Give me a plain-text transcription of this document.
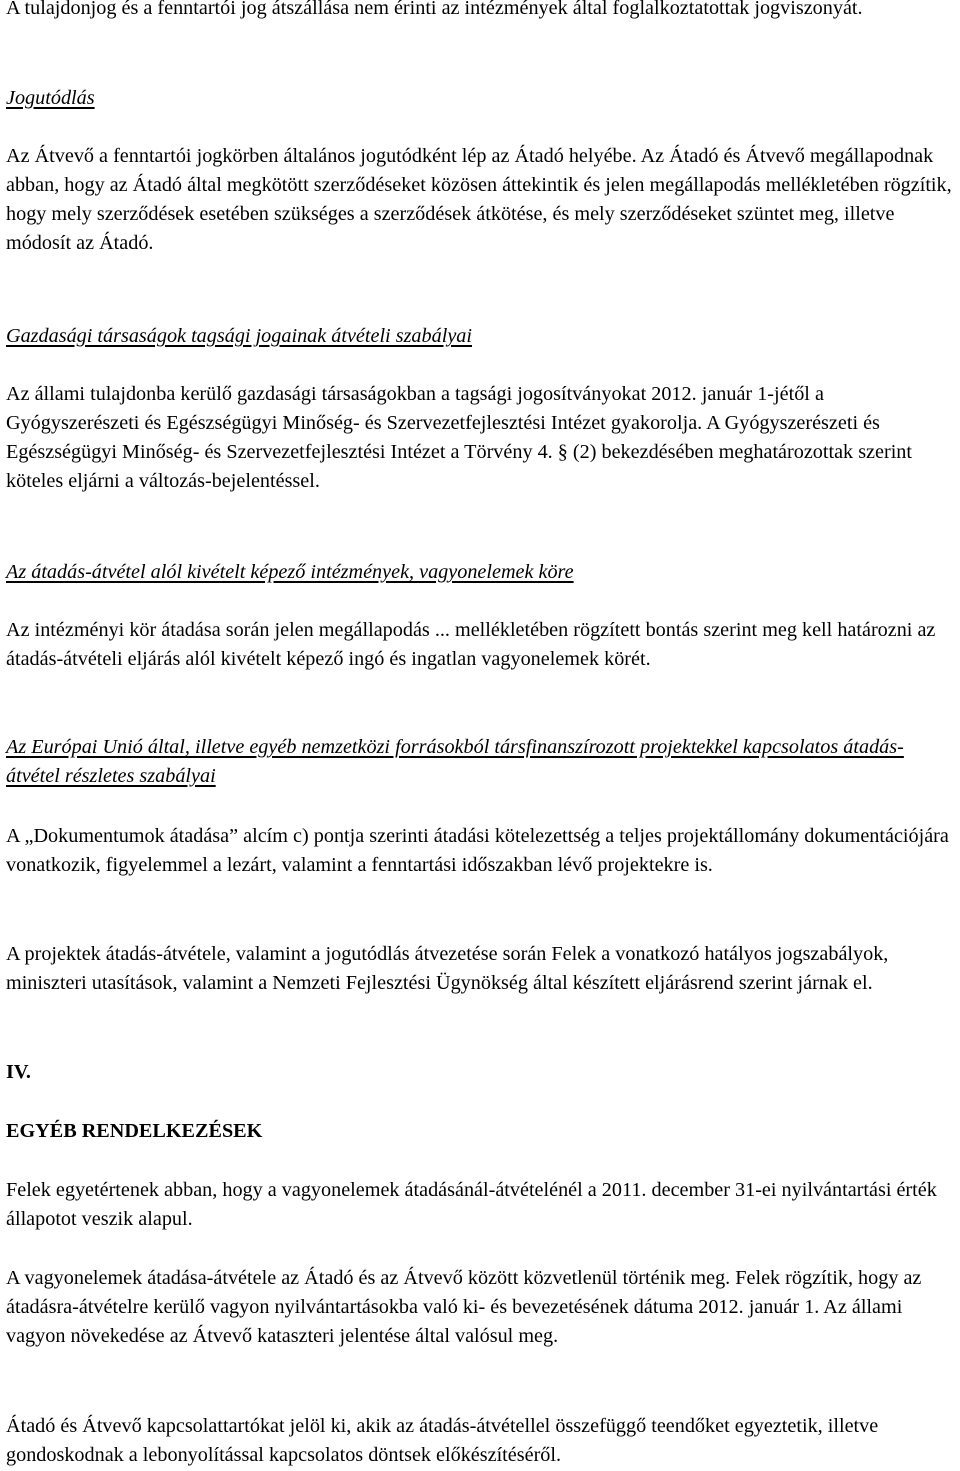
A tulajdonjog és a fenntartói jog átszállása nem érinti az intézmények által foglalkoztatottak jogviszonyát.

Jogutódlás

Az Átvevő a fenntartói jogkörben általános jogutódként lép az Átadó helyébe. Az Átadó és Átvevő megállapodnak abban, hogy az Átadó által megkötött szerződéseket közösen áttekintik és jelen megállapodás mellékletében rögzítik, hogy mely szerződések esetében szükséges a szerződések átkötése, és mely szerződéseket szüntet meg, illetve módosít az Átadó.

Gazdasági társaságok tagsági jogainak átvételi szabályai

Az állami tulajdonba kerülő gazdasági társaságokban a tagsági jogosítványokat 2012. január 1-jétől a Gyógyszerészeti és Egészségügyi Minőség- és Szervezetfejlesztési Intézet gyakorolja. A Gyógyszerészeti és Egészségügyi Minőség- és Szervezetfejlesztési Intézet a Törvény 4. § (2) bekezdésében meghatározottak szerint köteles eljárni a változás-bejelentéssel.

Az átadás-átvétel alól kivételt képező intézmények, vagyonelemek köre

Az intézményi kör átadása során jelen megállapodás ... mellékletében rögzített bontás szerint meg kell határozni az átadás-átvételi eljárás alól kivételt képező ingó és ingatlan vagyonelemek körét.

Az Európai Unió által, illetve egyéb nemzetközi forrásokból társfinanszírozott projektekkel kapcsolatos átadás-átvétel részletes szabályai

A „Dokumentumok átadása” alcím c) pontja szerinti átadási kötelezettség a teljes projektállomány dokumentációjára vonatkozik, figyelemmel a lezárt, valamint a fenntartási időszakban lévő projektekre is.

A projektek átadás-átvétele, valamint a jogutódlás átvezetése során Felek a vonatkozó hatályos jogszabályok, miniszteri utasítások, valamint a Nemzeti Fejlesztési Ügynökség által készített eljárásrend szerint járnak el.

IV.

EGYÉB RENDELKEZÉSEK

Felek egyetértenek abban, hogy a vagyonelemek átadásánál-átvételénél a 2011. december 31-ei nyilvántartási érték állapotot veszik alapul.

A vagyonelemek átadása-átvétele az Átadó és az Átvevő között közvetlenül történik meg. Felek rögzítik, hogy az átadásra-átvételre kerülő vagyon nyilvántartásokba való ki- és bevezetésének dátuma 2012. január 1. Az állami vagyon növekedése az Átvevő kataszteri jelentése által valósul meg.

Átadó és Átvevő kapcsolattartókat jelöl ki, akik az átadás-átvétellel összefüggő teendőket egyeztetik, illetve gondoskodnak a lebonyolítással kapcsolatos döntsek előkészítéséről.
